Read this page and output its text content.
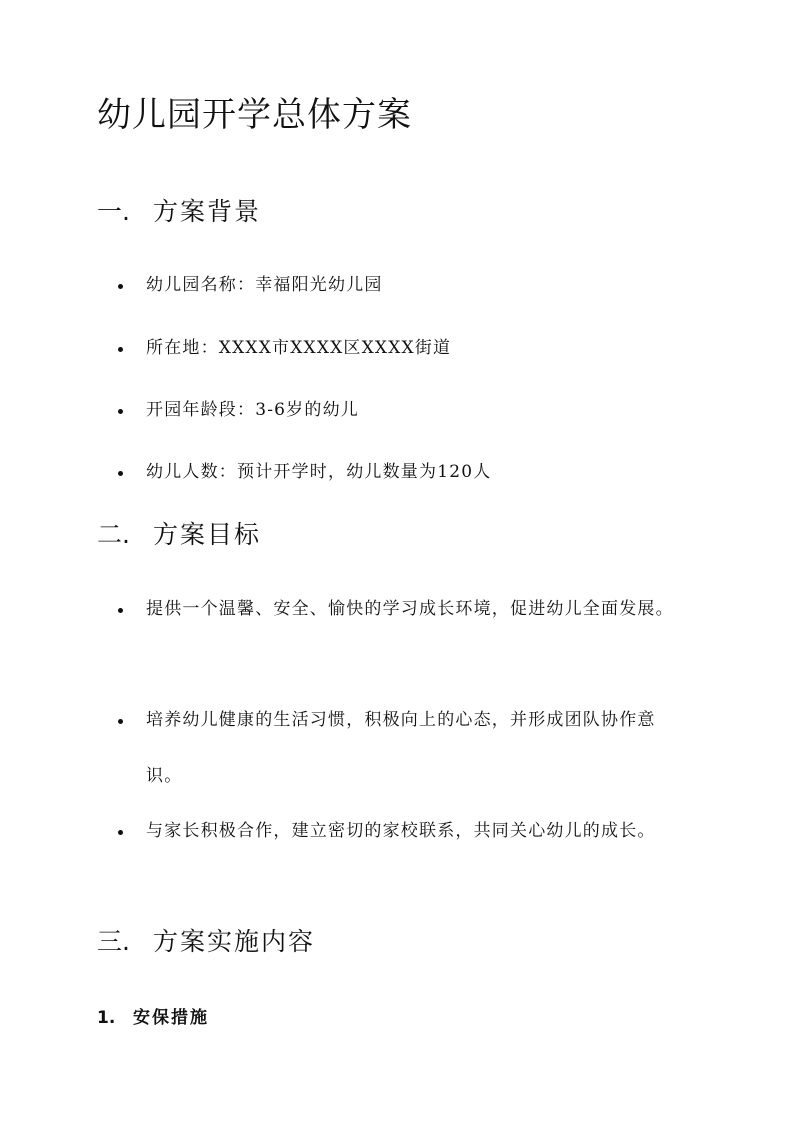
幼儿园开学总体方案
一. 方案背景
幼儿园名称：幸福阳光幼儿园
所在地：XXXX市XXXX区XXXX街道
开园年龄段：3-6岁的幼儿
幼儿人数：预计开学时，幼儿数量为120人
二. 方案目标
提供一个温馨、安全、愉快的学习成长环境，促进幼儿全面发展。
培养幼儿健康的生活习惯，积极向上的心态，并形成团队协作意识。
与家长积极合作，建立密切的家校联系，共同关心幼儿的成长。
三. 方案实施内容
1. 安保措施
